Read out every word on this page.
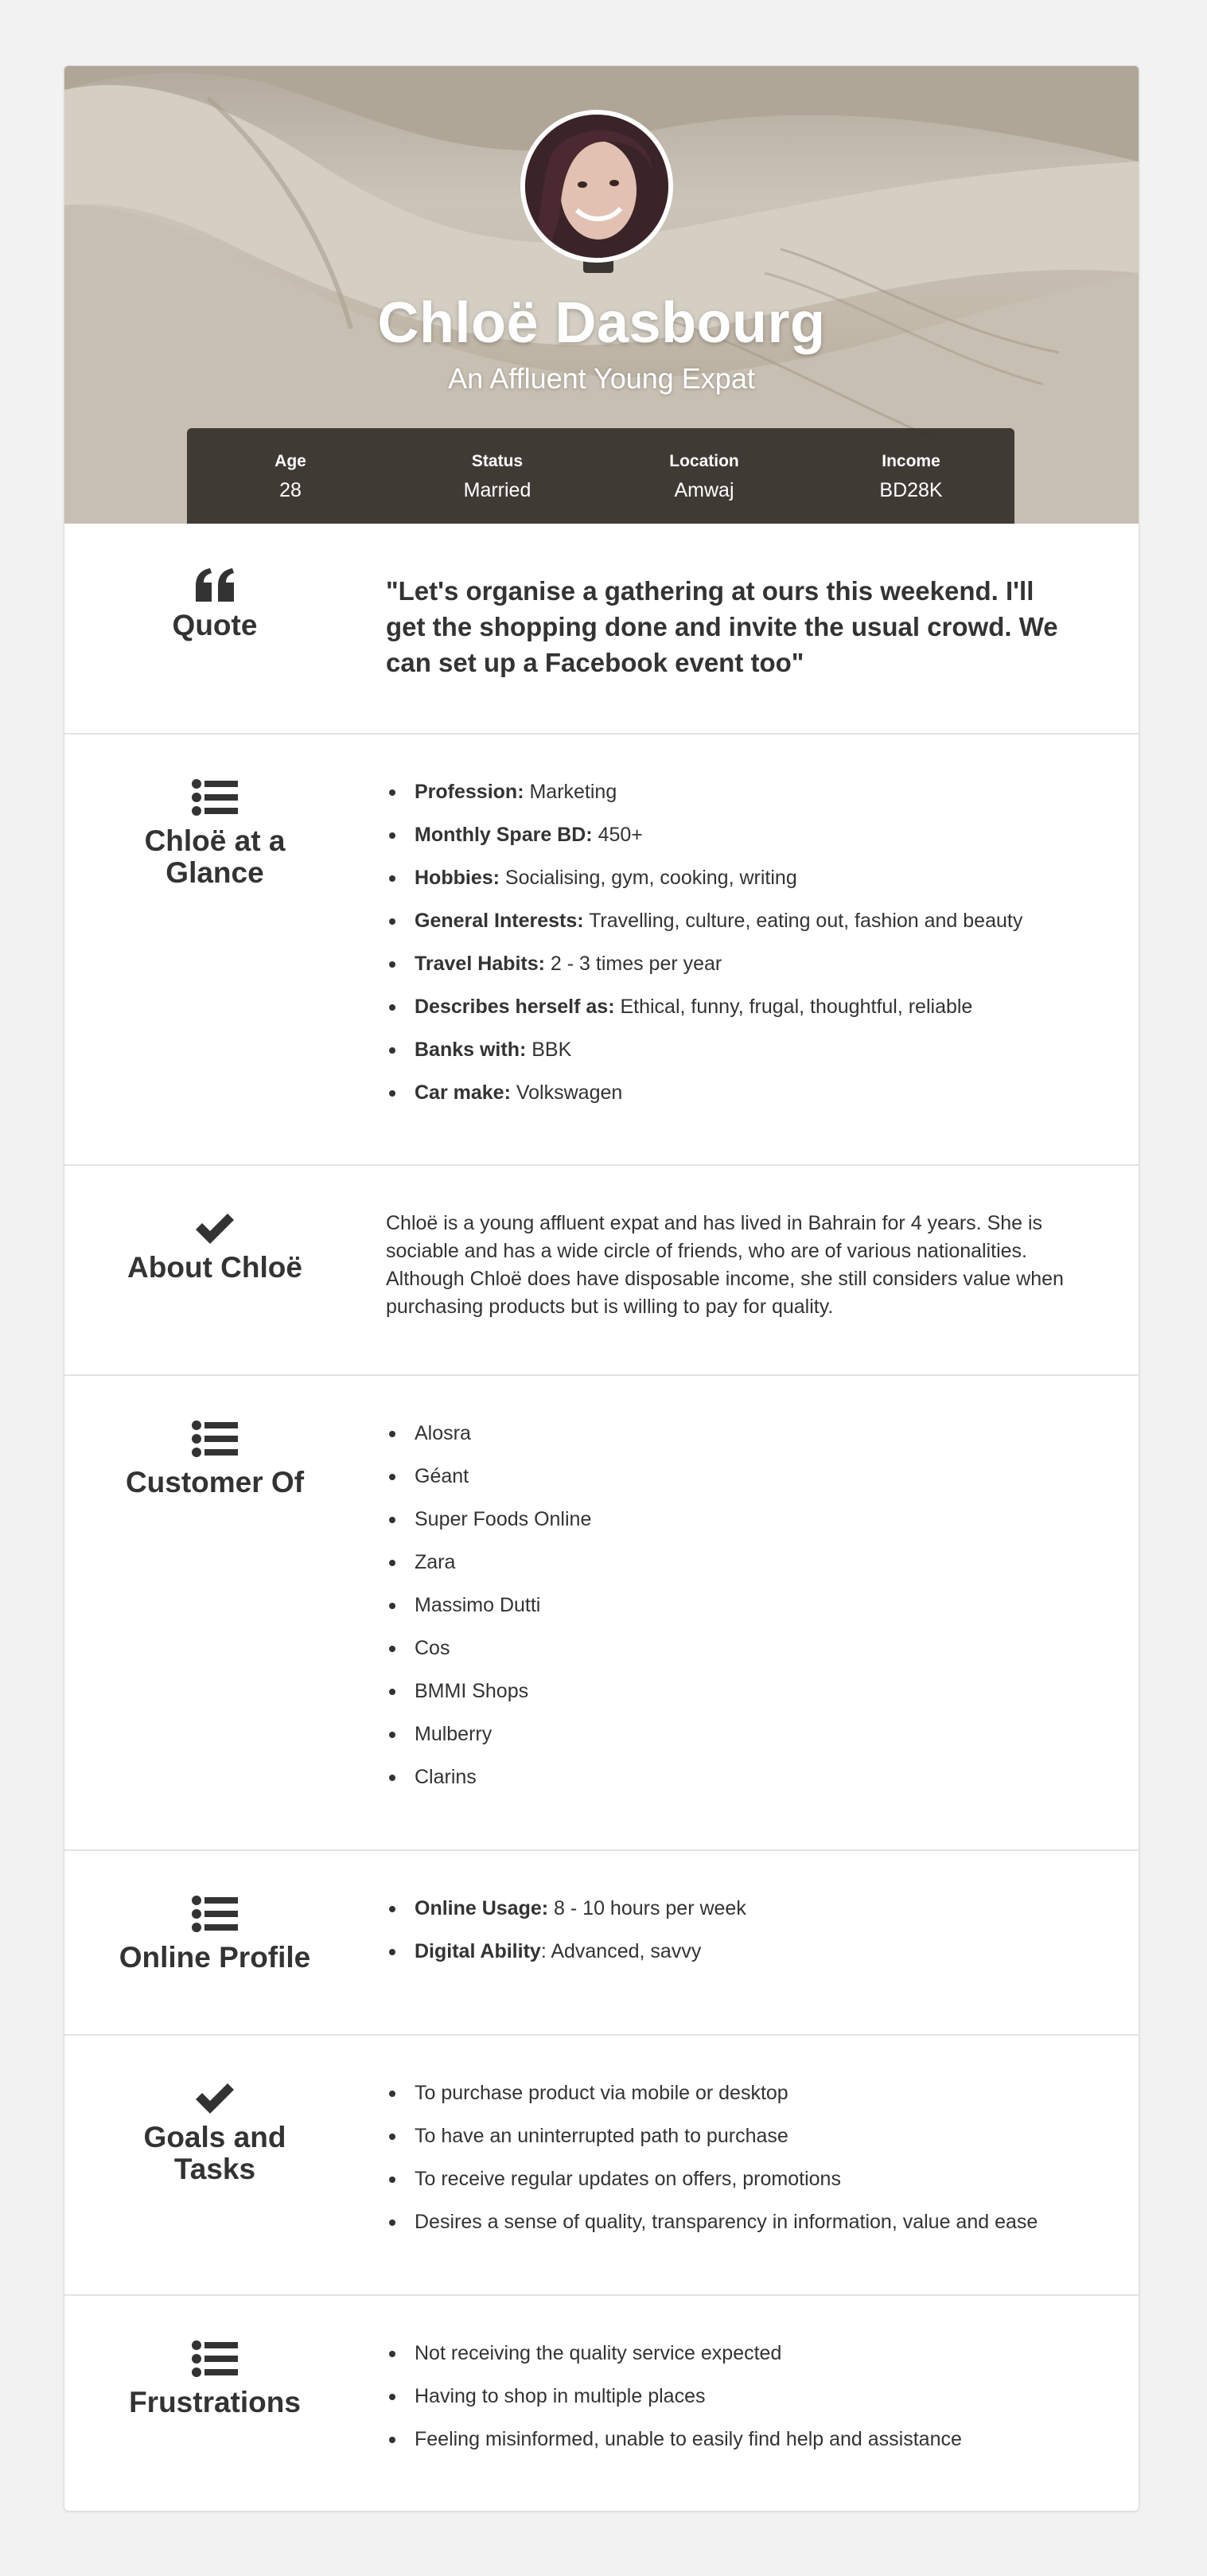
Chloë Dasbourg
An Affluent Young Expat
Age
28
Status
Married
Location
Amwaj
Income
BD28K
Quote

"Let's organise a gathering at ours this weekend. I'll get the shopping done and invite the usual crowd. We can set up a Facebook event too"

Chloë at a
Glance
Profession: Marketing
Monthly Spare BD: 450+
Hobbies: Socialising, gym, cooking, writing
General Interests: Travelling, culture, eating out, fashion and beauty
Travel Habits: 2 - 3 times per year
Describes herself as: Ethical, funny, frugal, thoughtful, reliable
Banks with: BBK
Car make: Volkswagen
About Chloë

Chloë is a young affluent expat and has lived in Bahrain for 4 years. She is sociable and has a wide circle of friends, who are of various nationalities. Although Chloë does have disposable income, she still considers value when purchasing products but is willing to pay for quality.

Customer Of
Alosra
Géant
Super Foods Online
Zara
Massimo Dutti
Cos
BMMI Shops
Mulberry
Clarins
Online Profile
Online Usage: 8 - 10 hours per week
Digital Ability: Advanced, savvy
Goals and
Tasks
To purchase product via mobile or desktop
To have an uninterrupted path to purchase
To receive regular updates on offers, promotions
Desires a sense of quality, transparency in information, value and ease
Frustrations
Not receiving the quality service expected
Having to shop in multiple places
Feeling misinformed, unable to easily find help and assistance
